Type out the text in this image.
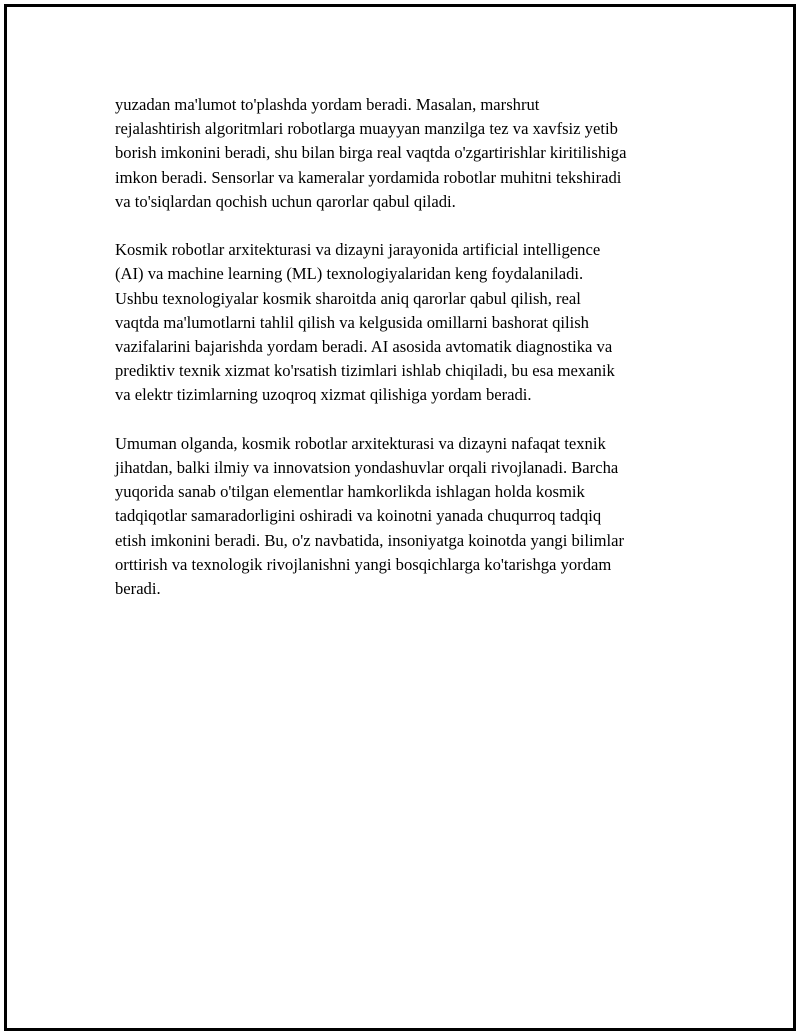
yuzadan ma'lumot to'plashda yordam beradi. Masalan, marshrut
rejalashtirish algoritmlari robotlarga muayyan manzilga tez va xavfsiz yetib
borish imkonini beradi, shu bilan birga real vaqtda o'zgartirishlar kiritilishiga
imkon beradi. Sensorlar va kameralar yordamida robotlar muhitni tekshiradi
va to'siqlardan qochish uchun qarorlar qabul qiladi.

Kosmik robotlar arxitekturasi va dizayni jarayonida artificial intelligence
(AI) va machine learning (ML) texnologiyalaridan keng foydalaniladi.
Ushbu texnologiyalar kosmik sharoitda aniq qarorlar qabul qilish, real
vaqtda ma'lumotlarni tahlil qilish va kelgusida omillarni bashorat qilish
vazifalarini bajarishda yordam beradi. AI asosida avtomatik diagnostika va
prediktiv texnik xizmat ko'rsatish tizimlari ishlab chiqiladi, bu esa mexanik
va elektr tizimlarning uzoqroq xizmat qilishiga yordam beradi.

Umuman olganda, kosmik robotlar arxitekturasi va dizayni nafaqat texnik
jihatdan, balki ilmiy va innovatsion yondashuvlar orqali rivojlanadi. Barcha
yuqorida sanab o'tilgan elementlar hamkorlikda ishlagan holda kosmik
tadqiqotlar samaradorligini oshiradi va koinotni yanada chuqurroq tadqiq
etish imkonini beradi. Bu, o'z navbatida, insoniyatga koinotda yangi bilimlar
orttirish va texnologik rivojlanishni yangi bosqichlarga ko'tarishga yordam
beradi.
